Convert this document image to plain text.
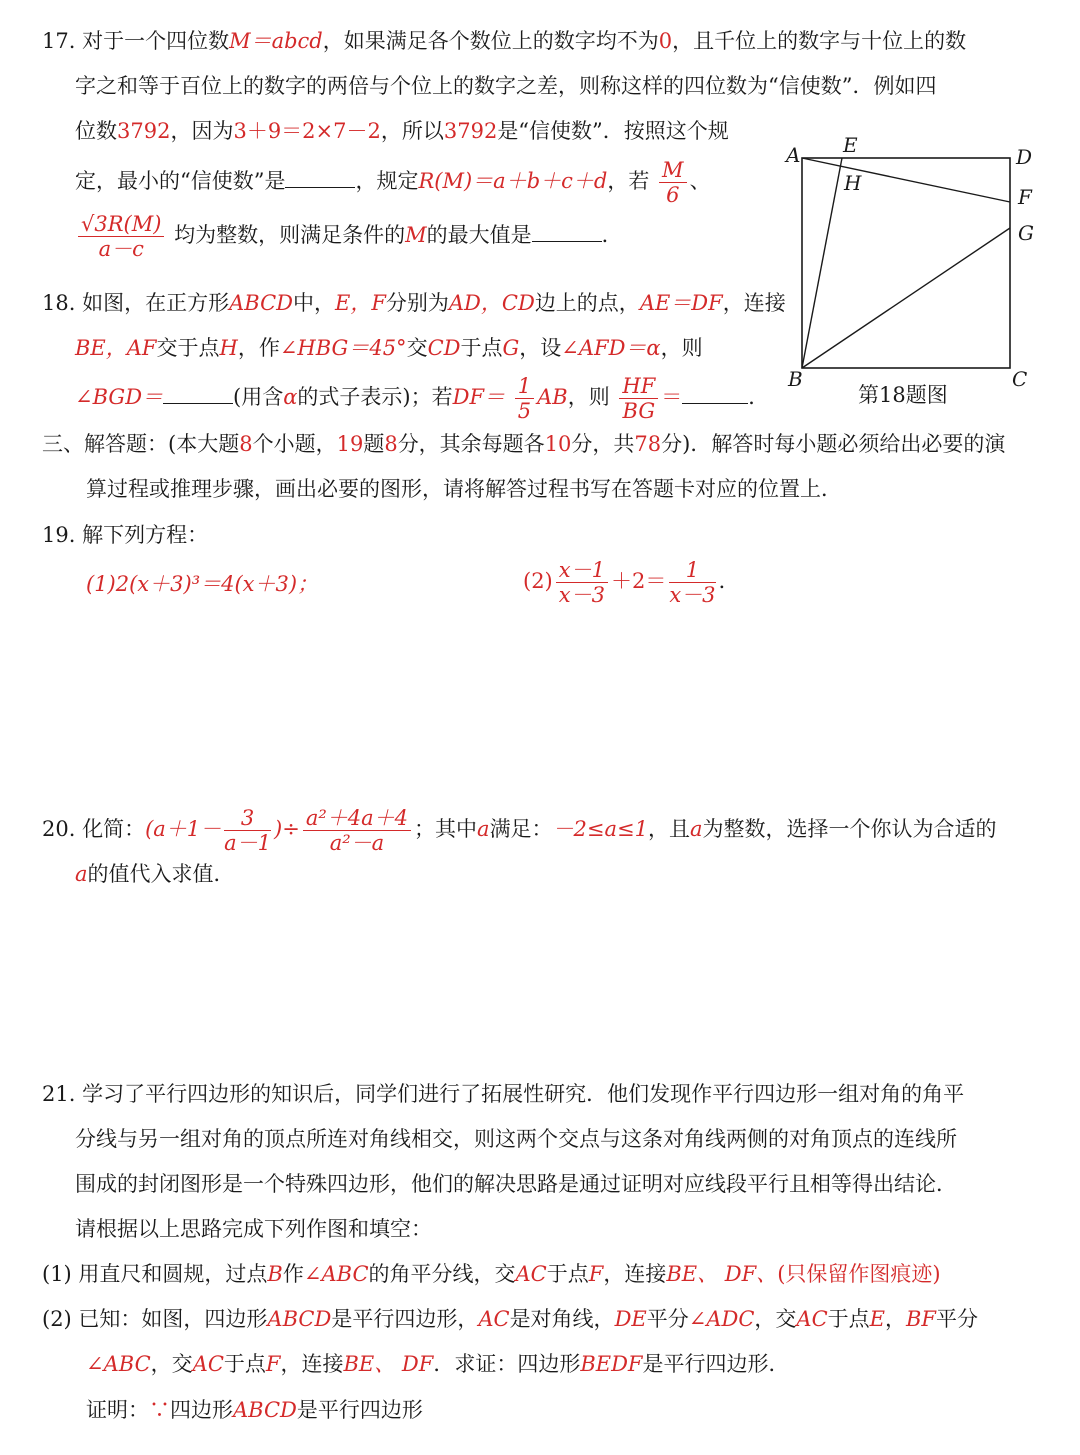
17. 对于一个四位数M＝abcd，如果满足各个数位上的数字均不为0，且千位上的数字与十位上的数
字之和等于百位上的数字的两倍与个位上的数字之差，则称这样的四位数为“信使数”．例如四
位数3792，因为3＋9＝2×7－2，所以3792是“信使数”．按照这个规
定，最小的“信使数”是	，规定R(M)＝a＋b＋c＋d，若 $\frac{M}{6}$ 、
$\frac{√3R(M)}{a-c}$ 均为整数，则满足条件的M的最大值是	．
A E
H
D
F
G
B	C
第18题图
18. 如图，在正方形ABCD中，E，F分别为AD，CD边上的点，AE＝DF，连接
BE，AF交于点H，作∠HBG＝45°交CD于点G，设∠AFD＝α，则
∠BGD＝	(用含α的式子表示)；若$DF= \frac{1}{5}$ AB，则 $\frac{HF}{BG}$ ＝	．
三、解答题：(本大题8个小题，19题8分，其余每题各10分，共78分)．解答时每小题必须给出必要的演
算过程或推理步骤，画出必要的图形，请将解答过程书写在答题卡对应的位置上．
19. 解下列方程：
(1)2(x＋3)³＝4(x＋3)；	$(2) \frac{x-1}{x-3} +2= \frac{1}{x-3}$ ．
20. 化简：($a+1- \frac{3}{a-1}$ )÷ $\frac{\text{a²＋4a＋4}}{\text{a²－a}}$ ；其中a满足：－2≤a≤1，且a为整数，选择一个你认为合适的
a的值代入求值．
21. 学习了平行四边形的知识后，同学们进行了拓展性研究．他们发现作平行四边形一组对角的角平
分线与另一组对角的顶点所连对角线相交，则这两个交点与这条对角线两侧的对角顶点的连线所
围成的封闭图形是一个特殊四边形，他们的解决思路是通过证明对应线段平行且相等得出结论．
请根据以上思路完成下列作图和填空：
(1) 用直尺和圆规，过点B作∠ABC的角平分线，交AC于点F，连接BE、 DF、(只保留作图痕迹)
(2) 已知：如图，四边形ABCD是平行四边形，AC是对角线，DE平分∠ADC，交AC于点E，BF平分
∠ABC，交AC于点F，连接BE、 DF．求证：四边形BEDF是平行四边形．
证明：∵四边形ABCD是平行四边形
